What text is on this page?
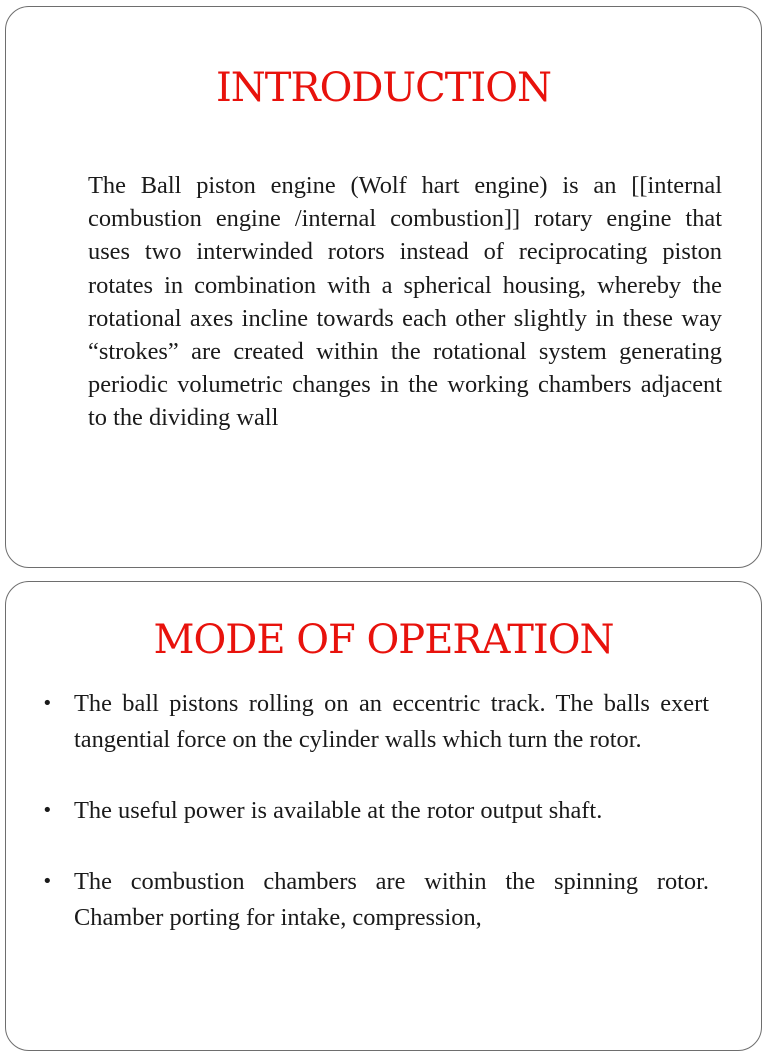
INTRODUCTION

The Ball piston engine (Wolf hart engine) is an [[internal combustion engine /internal combustion]] rotary engine that uses two interwinded rotors instead of reciprocating piston rotates in combination with a spherical housing, whereby the rotational axes incline towards each other slightly in these way “strokes” are created within the rotational system generating periodic volumetric changes in the working chambers adjacent to the dividing wall

MODE OF OPERATION
• The ball pistons rolling on an eccentric track. The balls exert tangential force on the cylinder walls which turn the rotor.
• The useful power is available at the rotor output shaft.
• The combustion chambers are within the spinning rotor. Chamber porting for intake, compression,
